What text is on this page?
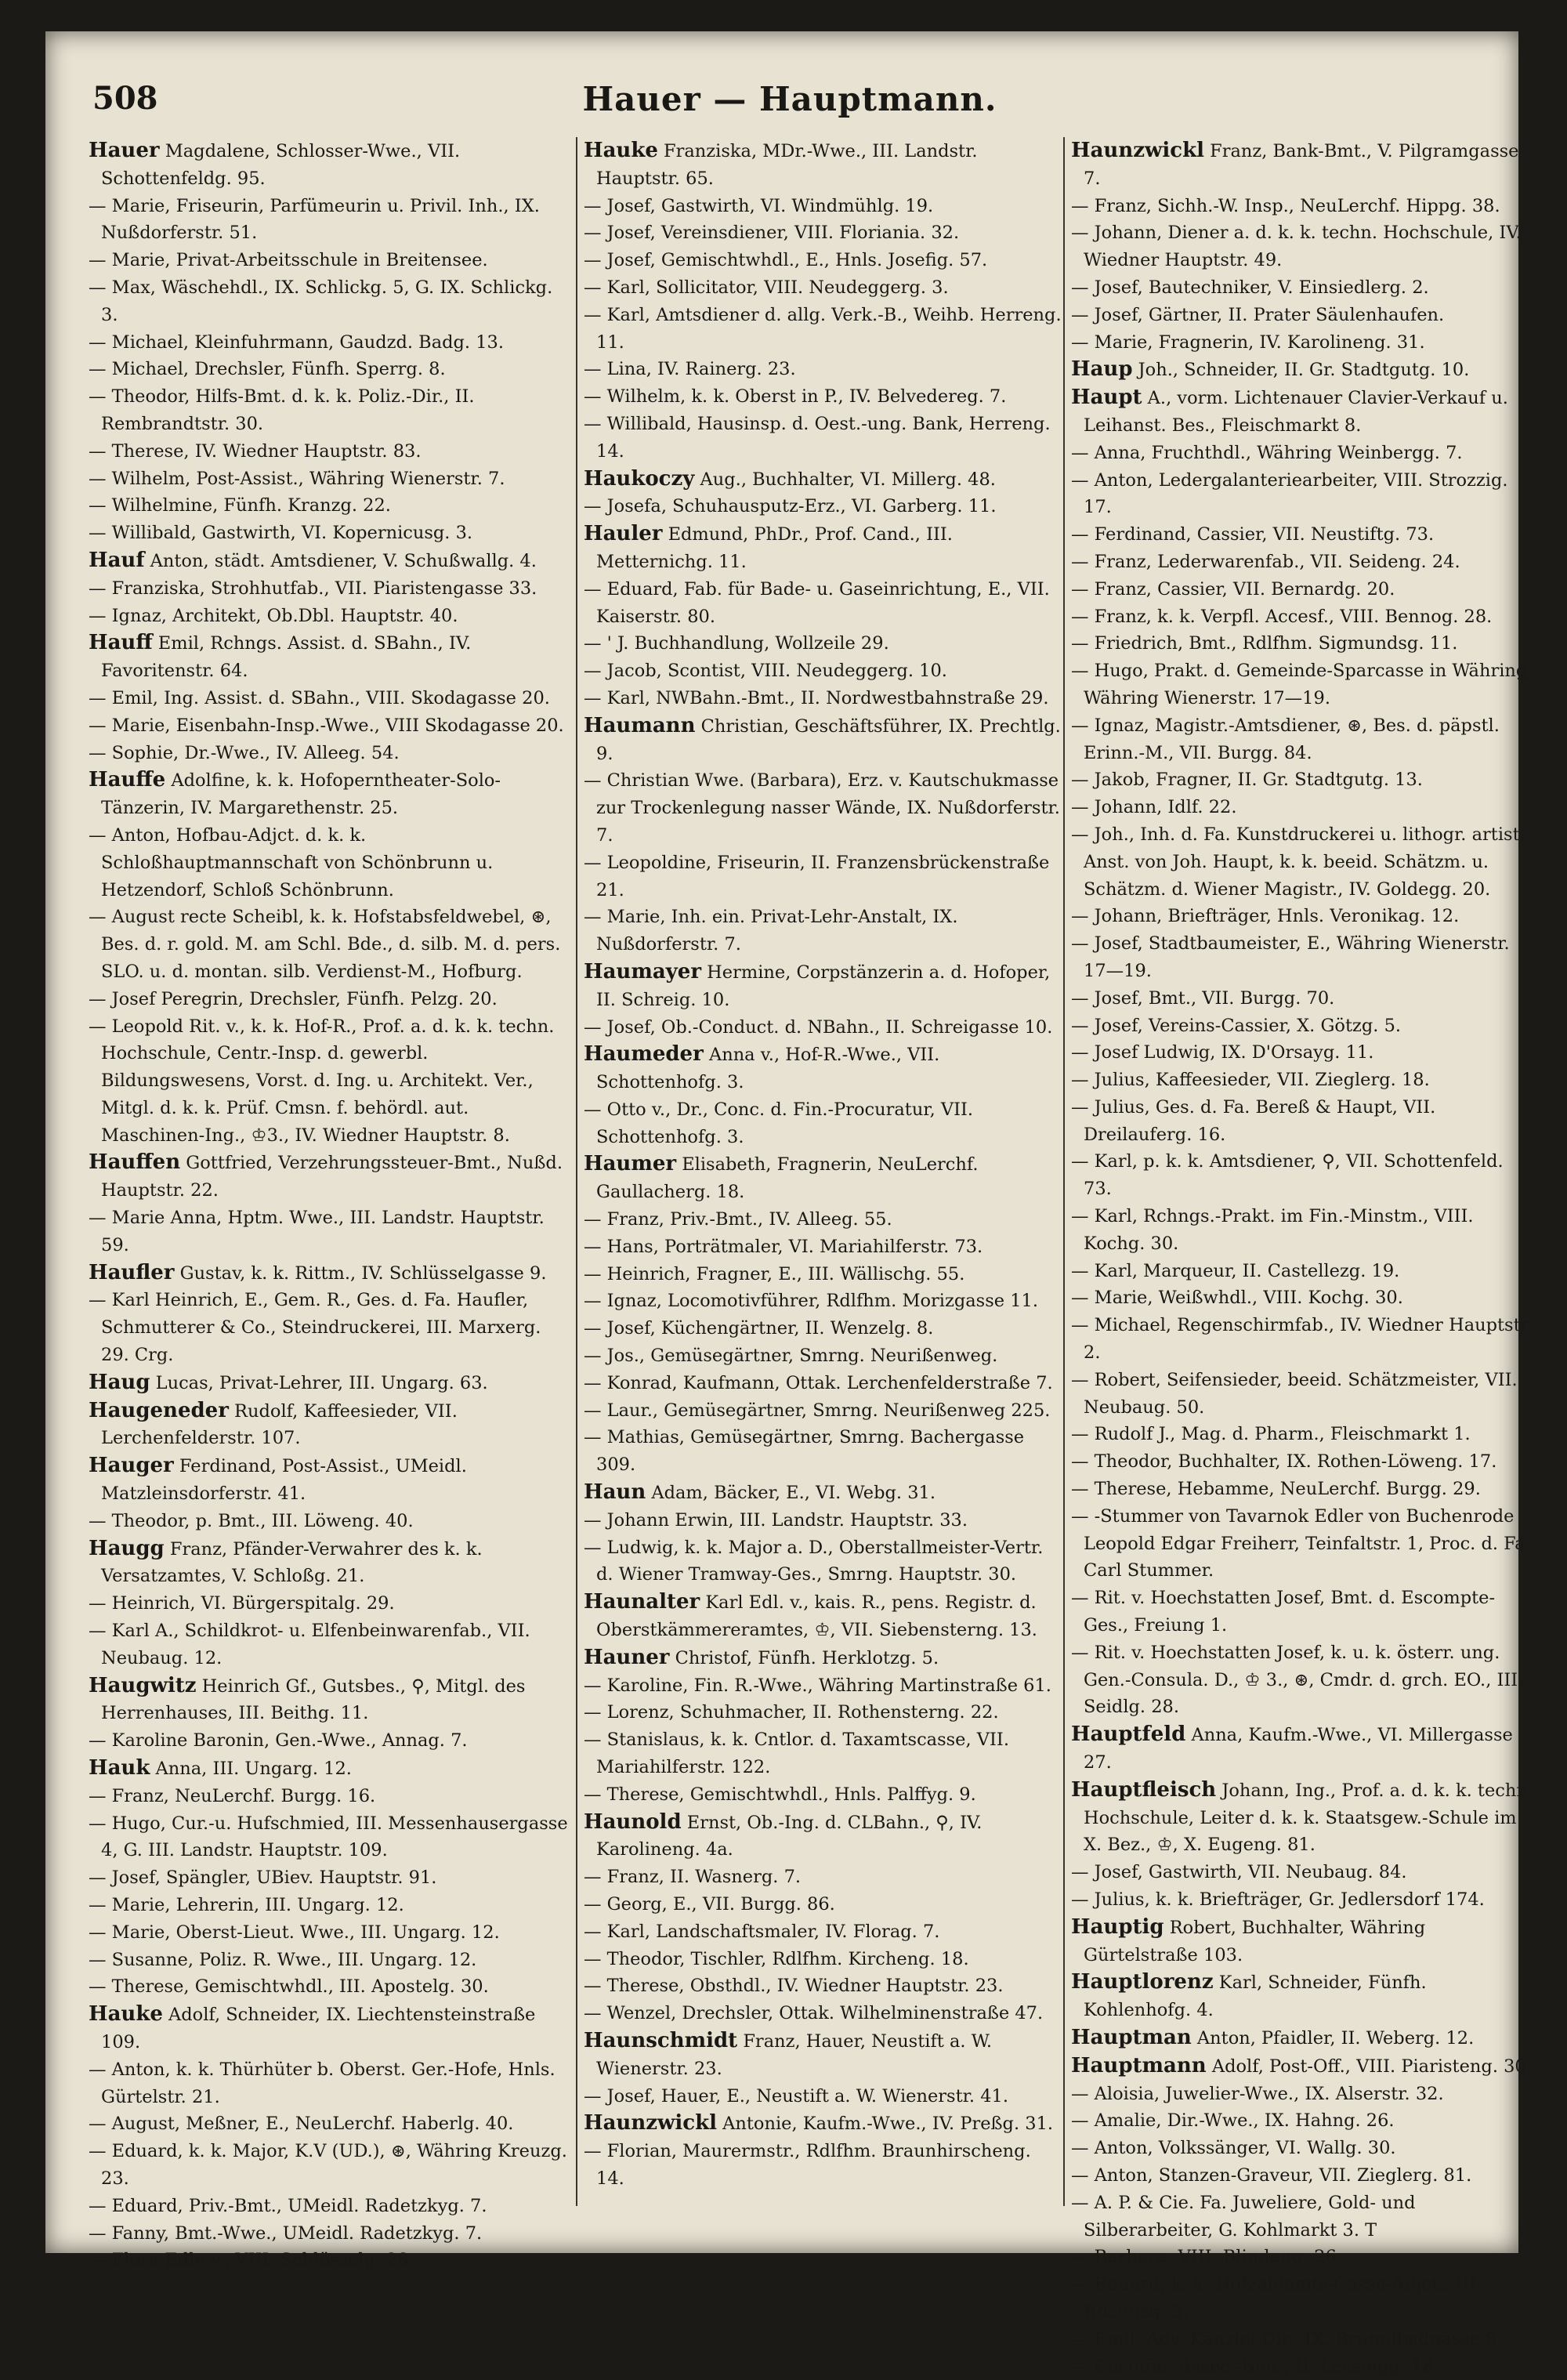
508	Hauer — Hauptmann.

Hauer Magdalene, Schlosser-Wwe., VII. Schottenfeldg. 95.

— Marie, Friseurin, Parfümeurin u. Privil. Inh., IX. Nußdorferstr. 51.

— Marie, Privat-Arbeitsschule in Breitensee.

— Max, Wäschehdl., IX. Schlickg. 5, G. IX. Schlickg. 3.

— Michael, Kleinfuhrmann, Gaudzd. Badg. 13.

— Michael, Drechsler, Fünfh. Sperrg. 8.

— Theodor, Hilfs-Bmt. d. k. k. Poliz.-Dir., II. Rembrandtstr. 30.

— Therese, IV. Wiedner Hauptstr. 83.

— Wilhelm, Post-Assist., Währing Wienerstr. 7.

— Wilhelmine, Fünfh. Kranzg. 22.

— Willibald, Gastwirth, VI. Kopernicusg. 3.

Hauf Anton, städt. Amtsdiener, V. Schußwallg. 4.

— Franziska, Strohhutfab., VII. Piaristengasse 33.

— Ignaz, Architekt, Ob.Dbl. Hauptstr. 40.

Hauff Emil, Rchngs. Assist. d. SBahn., IV. Favoritenstr. 64.

— Emil, Ing. Assist. d. SBahn., VIII. Skodagasse 20.

— Marie, Eisenbahn-Insp.-Wwe., VIII Skodagasse 20.

— Sophie, Dr.-Wwe., IV. Alleeg. 54.

Hauffe Adolfine, k. k. Hofoperntheater-Solo-Tänzerin, IV. Margarethenstr. 25.

— Anton, Hofbau-Adjct. d. k. k. Schloßhauptmannschaft von Schönbrunn u. Hetzendorf, Schloß Schönbrunn.

— August recte Scheibl, k. k. Hofstabsfeldwebel, ⊛, Bes. d. r. gold. M. am Schl. Bde., d. silb. M. d. pers. SLO. u. d. montan. silb. Verdienst-M., Hofburg.

— Josef Peregrin, Drechsler, Fünfh. Pelzg. 20.

— Leopold Rit. v., k. k. Hof-R., Prof. a. d. k. k. techn. Hochschule, Centr.-Insp. d. gewerbl. Bildungswesens, Vorst. d. Ing. u. Architekt. Ver., Mitgl. d. k. k. Prüf. Cmsn. f. behördl. aut. Maschinen-Ing., ♔3., IV. Wiedner Hauptstr. 8.

Hauffen Gottfried, Verzehrungssteuer-Bmt., Nußd. Hauptstr. 22.

— Marie Anna, Hptm. Wwe., III. Landstr. Hauptstr. 59.

Haufler Gustav, k. k. Rittm., IV. Schlüsselgasse 9.

— Karl Heinrich, E., Gem. R., Ges. d. Fa. Haufler, Schmutterer & Co., Steindruckerei, III. Marxerg. 29. Crg.

Haug Lucas, Privat-Lehrer, III. Ungarg. 63.

Haugeneder Rudolf, Kaffeesieder, VII. Lerchenfelderstr. 107.

Hauger Ferdinand, Post-Assist., UMeidl. Matzleinsdorferstr. 41.

— Theodor, p. Bmt., III. Löweng. 40.

Haugg Franz, Pfänder-Verwahrer des k. k. Versatzamtes, V. Schloßg. 21.

— Heinrich, VI. Bürgerspitalg. 29.

— Karl A., Schildkrot- u. Elfenbeinwarenfab., VII. Neubaug. 12.

Haugwitz Heinrich Gf., Gutsbes., ⚲, Mitgl. des Herrenhauses, III. Beithg. 11.

— Karoline Baronin, Gen.-Wwe., Annag. 7.

Hauk Anna, III. Ungarg. 12.

— Franz, NeuLerchf. Burgg. 16.

— Hugo, Cur.-u. Hufschmied, III. Messenhausergasse 4, G. III. Landstr. Hauptstr. 109.

— Josef, Spängler, UBiev. Hauptstr. 91.

— Marie, Lehrerin, III. Ungarg. 12.

— Marie, Oberst-Lieut. Wwe., III. Ungarg. 12.

— Susanne, Poliz. R. Wwe., III. Ungarg. 12.

— Therese, Gemischtwhdl., III. Apostelg. 30.

Hauke Adolf, Schneider, IX. Liechtensteinstraße 109.

— Anton, k. k. Thürhüter b. Oberst. Ger.-Hofe, Hnls. Gürtelstr. 21.

— August, Meßner, E., NeuLerchf. Haberlg. 40.

— Eduard, k. k. Major, K.V (UD.), ⊛, Währing Kreuzg. 23.

— Eduard, Priv.-Bmt., UMeidl. Radetzkyg. 7.

— Fanny, Bmt.-Wwe., UMeidl. Radetzkyg. 7.

— Flora Edle v., VIII. Schlösselg. 28.

Hauke Franziska, MDr.-Wwe., III. Landstr. Hauptstr. 65.

— Josef, Gastwirth, VI. Windmühlg. 19.

— Josef, Vereinsdiener, VIII. Floriania. 32.

— Josef, Gemischtwhdl., E., Hnls. Josefig. 57.

— Karl, Sollicitator, VIII. Neudeggerg. 3.

— Karl, Amtsdiener d. allg. Verk.-B., Weihb. Herreng. 11.

— Lina, IV. Rainerg. 23.

— Wilhelm, k. k. Oberst in P., IV. Belvedereg. 7.

— Willibald, Hausinsp. d. Oest.-ung. Bank, Herreng. 14.

Haukoczy Aug., Buchhalter, VI. Millerg. 48.

— Josefa, Schuhausputz-Erz., VI. Garberg. 11.

Hauler Edmund, PhDr., Prof. Cand., III. Metternichg. 11.

— Eduard, Fab. für Bade- u. Gaseinrichtung, E., VII. Kaiserstr. 80.

— ' J. Buchhandlung, Wollzeile 29.

— Jacob, Scontist, VIII. Neudeggerg. 10.

— Karl, NWBahn.-Bmt., II. Nordwestbahnstraße 29.

Haumann Christian, Geschäftsführer, IX. Prechtlg. 9.

— Christian Wwe. (Barbara), Erz. v. Kautschukmasse zur Trockenlegung nasser Wände, IX. Nußdorferstr. 7.

— Leopoldine, Friseurin, II. Franzensbrückenstraße 21.

— Marie, Inh. ein. Privat-Lehr-Anstalt, IX. Nußdorferstr. 7.

Haumayer Hermine, Corpstänzerin a. d. Hofoper, II. Schreig. 10.

— Josef, Ob.-Conduct. d. NBahn., II. Schreigasse 10.

Haumeder Anna v., Hof-R.-Wwe., VII. Schottenhofg. 3.

— Otto v., Dr., Conc. d. Fin.-Procuratur, VII. Schottenhofg. 3.

Haumer Elisabeth, Fragnerin, NeuLerchf. Gaullacherg. 18.

— Franz, Priv.-Bmt., IV. Alleeg. 55.

— Hans, Porträtmaler, VI. Mariahilferstr. 73.

— Heinrich, Fragner, E., III. Wällischg. 55.

— Ignaz, Locomotivführer, Rdlfhm. Morizgasse 11.

— Josef, Küchengärtner, II. Wenzelg. 8.

— Jos., Gemüsegärtner, Smrng. Neurißenweg.

— Konrad, Kaufmann, Ottak. Lerchenfelderstraße 7.

— Laur., Gemüsegärtner, Smrng. Neurißenweg 225.

— Mathias, Gemüsegärtner, Smrng. Bachergasse 309.

Haun Adam, Bäcker, E., VI. Webg. 31.

— Johann Erwin, III. Landstr. Hauptstr. 33.

— Ludwig, k. k. Major a. D., Oberstallmeister-Vertr. d. Wiener Tramway-Ges., Smrng. Hauptstr. 30.

Haunalter Karl Edl. v., kais. R., pens. Registr. d. Oberstkämmereramtes, ♔, VII. Siebensterng. 13.

Hauner Christof, Fünfh. Herklotzg. 5.

— Karoline, Fin. R.-Wwe., Währing Martinstraße 61.

— Lorenz, Schuhmacher, II. Rothensterng. 22.

— Stanislaus, k. k. Cntlor. d. Taxamtscasse, VII. Mariahilferstr. 122.

— Therese, Gemischtwhdl., Hnls. Palffyg. 9.

Haunold Ernst, Ob.-Ing. d. CLBahn., ⚲, IV. Karolineng. 4a.

— Franz, II. Wasnerg. 7.

— Georg, E., VII. Burgg. 86.

— Karl, Landschaftsmaler, IV. Florag. 7.

— Theodor, Tischler, Rdlfhm. Kircheng. 18.

— Therese, Obsthdl., IV. Wiedner Hauptstr. 23.

— Wenzel, Drechsler, Ottak. Wilhelminenstraße 47.

Haunschmidt Franz, Hauer, Neustift a. W. Wienerstr. 23.

— Josef, Hauer, E., Neustift a. W. Wienerstr. 41.

Haunzwickl Antonie, Kaufm.-Wwe., IV. Preßg. 31.

— Florian, Maurermstr., Rdlfhm. Braunhirscheng. 14.

Haunzwickl Franz, Bank-Bmt., V. Pilgramgasse 7.

— Franz, Sichh.-W. Insp., NeuLerchf. Hippg. 38.

— Johann, Diener a. d. k. k. techn. Hochschule, IV. Wiedner Hauptstr. 49.

— Josef, Bautechniker, V. Einsiedlerg. 2.

— Josef, Gärtner, II. Prater Säulenhaufen.

— Marie, Fragnerin, IV. Karolineng. 31.

Haup Joh., Schneider, II. Gr. Stadtgutg. 10.

Haupt A., vorm. Lichtenauer Clavier-Verkauf u. Leihanst. Bes., Fleischmarkt 8.

— Anna, Fruchthdl., Währing Weinbergg. 7.

— Anton, Ledergalanteriearbeiter, VIII. Strozzig. 17.

— Ferdinand, Cassier, VII. Neustiftg. 73.

— Franz, Lederwarenfab., VII. Seideng. 24.

— Franz, Cassier, VII. Bernardg. 20.

— Franz, k. k. Verpfl. Accesf., VIII. Bennog. 28.

— Friedrich, Bmt., Rdlfhm. Sigmundsg. 11.

— Hugo, Prakt. d. Gemeinde-Sparcasse in Währing, Währing Wienerstr. 17—19.

— Ignaz, Magistr.-Amtsdiener, ⊛, Bes. d. päpstl. Erinn.-M., VII. Burgg. 84.

— Jakob, Fragner, II. Gr. Stadtgutg. 13.

— Johann, Idlf. 22.

— Joh., Inh. d. Fa. Kunstdruckerei u. lithogr. artist. Anst. von Joh. Haupt, k. k. beeid. Schätzm. u. Schätzm. d. Wiener Magistr., IV. Goldegg. 20.

— Johann, Briefträger, Hnls. Veronikag. 12.

— Josef, Stadtbaumeister, E., Währing Wienerstr. 17—19.

— Josef, Bmt., VII. Burgg. 70.

— Josef, Vereins-Cassier, X. Götzg. 5.

— Josef Ludwig, IX. D'Orsayg. 11.

— Julius, Kaffeesieder, VII. Zieglerg. 18.

— Julius, Ges. d. Fa. Bereß & Haupt, VII. Dreilauferg. 16.

— Karl, p. k. k. Amtsdiener, ⚲, VII. Schottenfeld. 73.

— Karl, Rchngs.-Prakt. im Fin.-Minstm., VIII. Kochg. 30.

— Karl, Marqueur, II. Castellezg. 19.

— Marie, Weißwhdl., VIII. Kochg. 30.

— Michael, Regenschirmfab., IV. Wiedner Hauptstr. 2.

— Robert, Seifensieder, beeid. Schätzmeister, VII. Neubaug. 50.

— Rudolf J., Mag. d. Pharm., Fleischmarkt 1.

— Theodor, Buchhalter, IX. Rothen-Löweng. 17.

— Therese, Hebamme, NeuLerchf. Burgg. 29.

— -Stummer von Tavarnok Edler von Buchenrode Leopold Edgar Freiherr, Teinfaltstr. 1, Proc. d. Fa. Carl Stummer.

— Rit. v. Hoechstatten Josef, Bmt. d. Escompte-Ges., Freiung 1.

— Rit. v. Hoechstatten Josef, k. u. k. österr. ung. Gen.-Consula. D., ♔ 3., ⊛, Cmdr. d. grch. EO., III. Seidlg. 28.

Hauptfeld Anna, Kaufm.-Wwe., VI. Millergasse 27.

Hauptfleisch Johann, Ing., Prof. a. d. k. k. techn. Hochschule, Leiter d. k. k. Staatsgew.-Schule im X. Bez., ♔, X. Eugeng. 81.

— Josef, Gastwirth, VII. Neubaug. 84.

— Julius, k. k. Briefträger, Gr. Jedlersdorf 174.

Hauptig Robert, Buchhalter, Währing Gürtelstraße 103.

Hauptlorenz Karl, Schneider, Fünfh. Kohlenhofg. 4.

Hauptman Anton, Pfaidler, II. Weberg. 12.

Hauptmann Adolf, Post-Off., VIII. Piaristeng. 30.

— Aloisia, Juwelier-Wwe., IX. Alserstr. 32.

— Amalie, Dir.-Wwe., IX. Hahng. 26.

— Anton, Volkssänger, VI. Wallg. 30.

— Anton, Stanzen-Graveur, VII. Zieglerg. 81.

— A. P. & Cie. Fa. Juweliere, Gold- und Silberarbeiter, G. Kohlmarkt 3. T

— Barbara, VIII. Blindeng. 26.

— Eduard, k. k. Hofzahlamts-Cassa-Adjct., III. Rochusg. 5.

— Emil, Adv.-Kanzlei-Dir., IX. Brünnlbadgasse 8.

— Cocoffio, Assec.-Bmt., II. Lessingg. 18.
